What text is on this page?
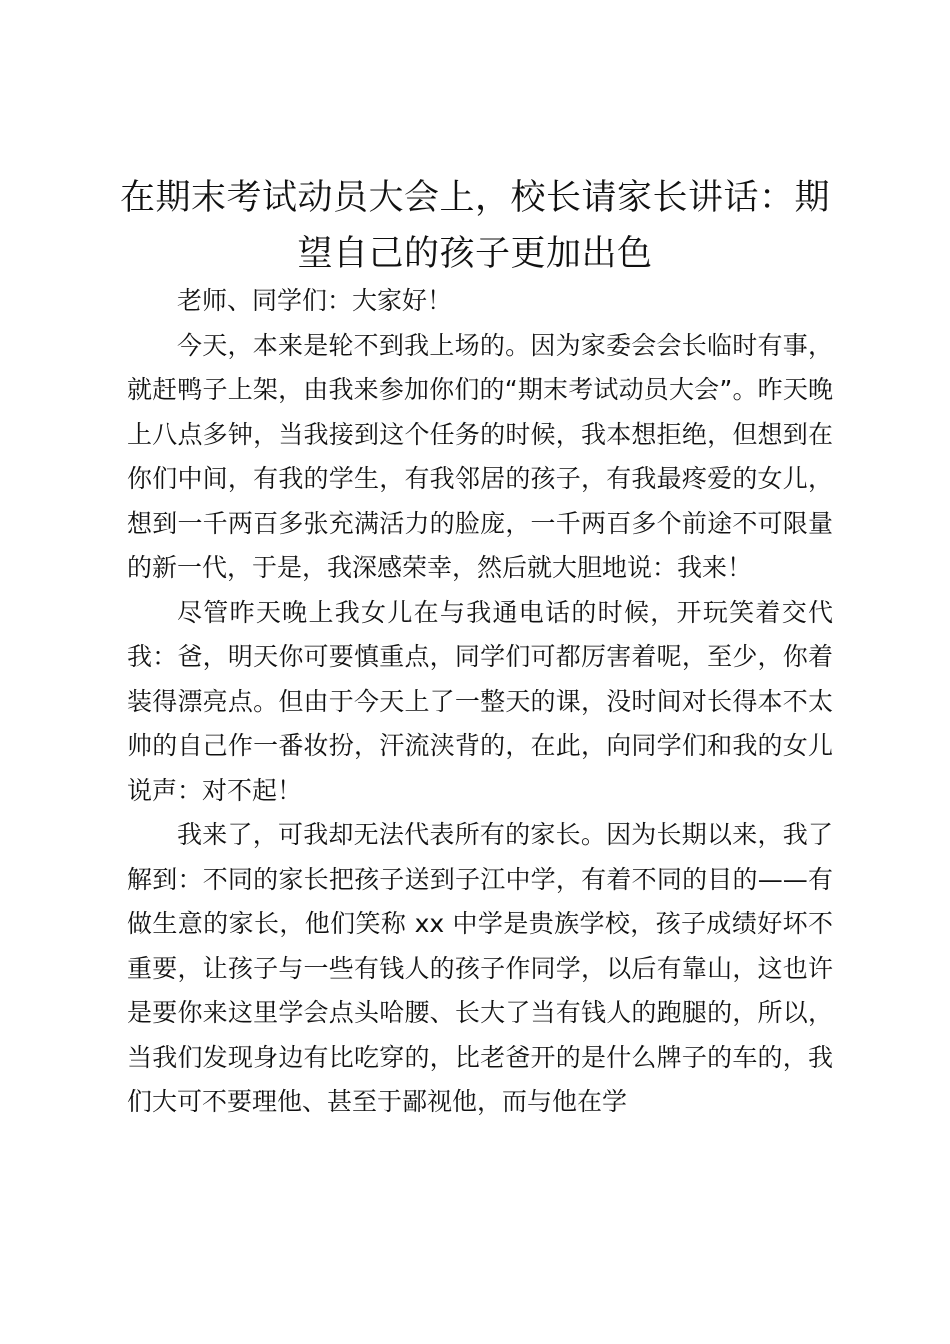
在期末考试动员大会上，校长请家长讲话：期望自己的孩子更加出色

老师、同学们：大家好！

今天，本来是轮不到我上场的。因为家委会会长临时有事，就赶鸭子上架，由我来参加你们的“期末考试动员大会”。昨天晚上八点多钟，当我接到这个任务的时候，我本想拒绝，但想到在你们中间，有我的学生，有我邻居的孩子，有我最疼爱的女儿，想到一千两百多张充满活力的脸庞，一千两百多个前途不可限量的新一代，于是，我深感荣幸，然后就大胆地说：我来！

尽管昨天晚上我女儿在与我通电话的时候，开玩笑着交代我：爸，明天你可要慎重点，同学们可都厉害着呢，至少，你着装得漂亮点。但由于今天上了一整天的课，没时间对长得本不太帅的自己作一番妆扮，汗流浃背的，在此，向同学们和我的女儿说声：对不起！

我来了，可我却无法代表所有的家长。因为长期以来，我了解到：不同的家长把孩子送到子江中学，有着不同的目的——有做生意的家长，他们笑称 xx 中学是贵族学校，孩子成绩好坏不重要，让孩子与一些有钱人的孩子作同学，以后有靠山，这也许是要你来这里学会点头哈腰、长大了当有钱人的跑腿的，所以，当我们发现身边有比吃穿的，比老爸开的是什么牌子的车的，我们大可不要理他、甚至于鄙视他，而与他在学
